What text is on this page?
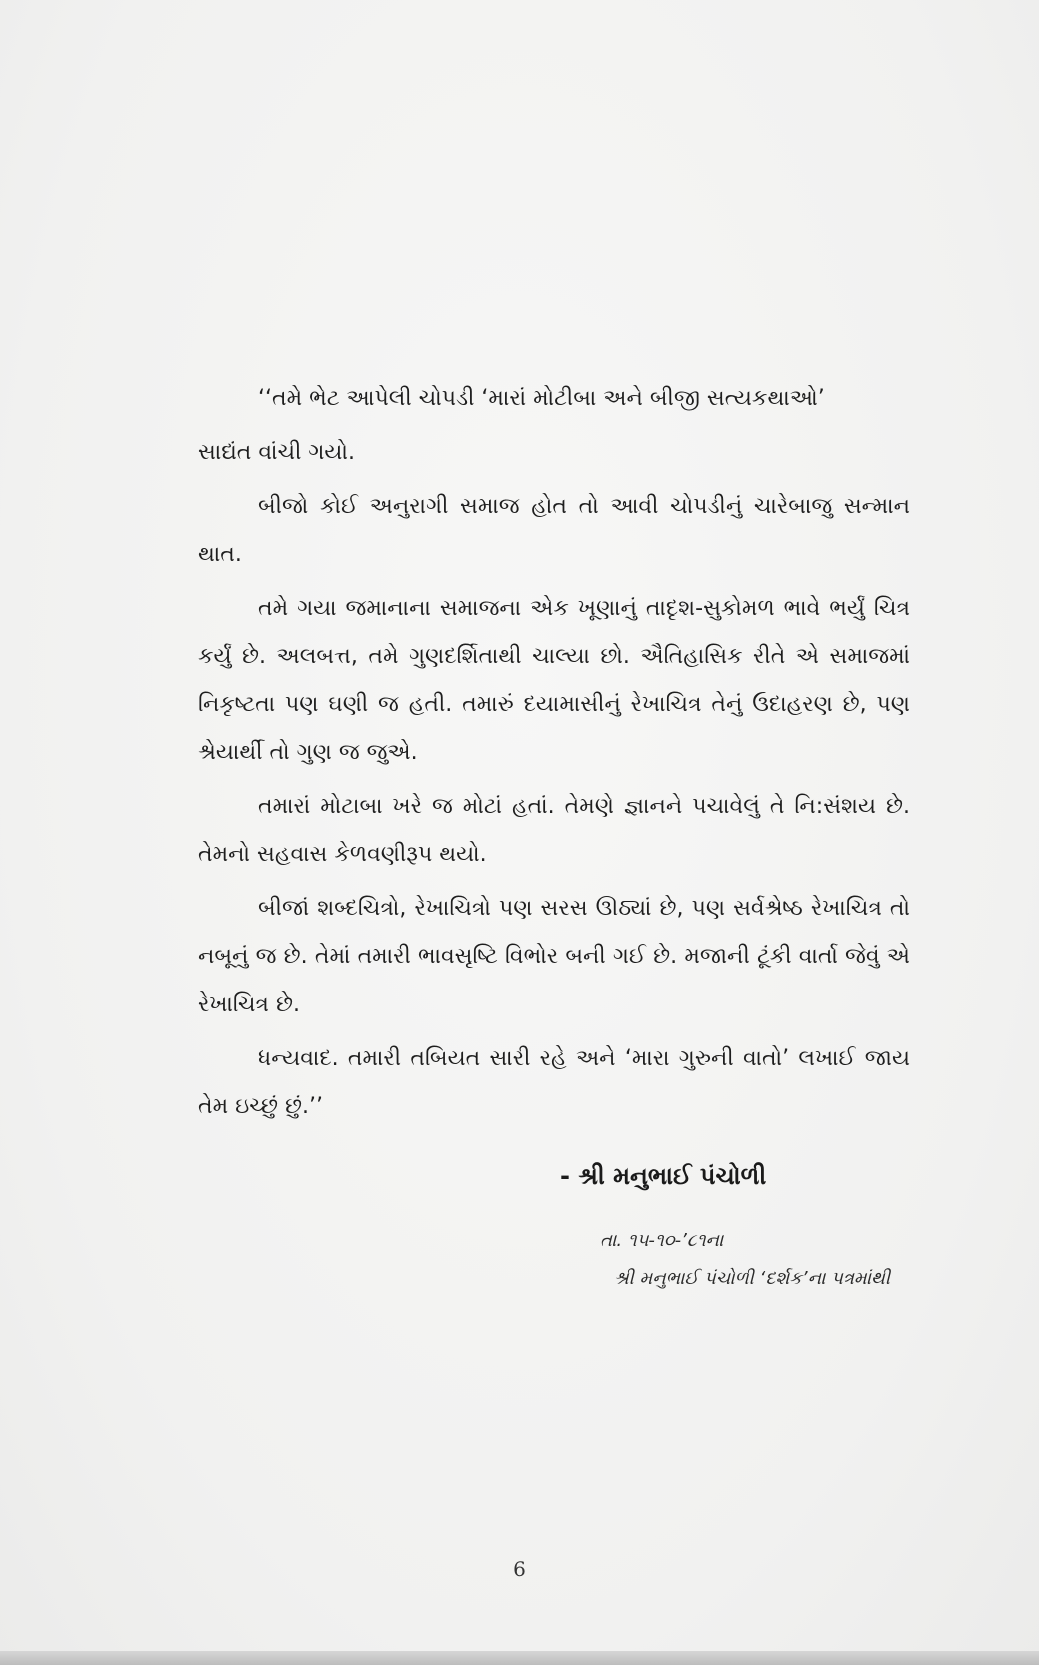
‘‘તમે ભેટ આપેલી ચોપડી ‘મારાં મોટીબા અને બીજી સત્યકથાઓ’

સાદ્યંત વાંચી ગયો.

બીજો કોઈ અનુરાગી સમાજ હોત તો આવી ચોપડીનું ચારેબાજુ સન્માન થાત.

તમે ગયા જમાનાના સમાજના એક ખૂણાનું તાદૃશ-સુકોમળ ભાવે ભર્યું ચિત્ર કર્યું છે. અલબત્ત, તમે ગુણદર્શિતાથી ચાલ્યા છો. ઐતિહાસિક રીતે એ સમાજમાં નિકૃષ્ટતા પણ ઘણી જ હતી. તમારું દયામાસીનું રેખાચિત્ર તેનું ઉદાહરણ છે, પણ શ્રેયાર્થી તો ગુણ જ જુએ.

તમારાં મોટાબા ખરે જ મોટાં હતાં. તેમણે જ્ઞાનને પચાવેલું તે નિ:સંશય છે. તેમનો સહવાસ કેળવણીરૂપ થયો.

બીજાં શબ્દચિત્રો, રેખાચિત્રો પણ સરસ ઊઠ્યાં છે, પણ સર્વશ્રેષ્ઠ રેખાચિત્ર તો નબૂનું જ છે. તેમાં તમારી ભાવસૃષ્ટિ વિભોર બની ગઈ છે. મજાની ટૂંકી વાર્તા જેવું એ રેખાચિત્ર છે.

ધન્યવાદ. તમારી તબિયત સારી રહે અને ‘મારા ગુરુની વાતો’ લખાઈ જાય તેમ ઇચ્છું છું.’’

- શ્રી મનુભાઈ પંચોળી
તા. ૧૫-૧૦-’૮૧ના
શ્રી મનુભાઈ પંચોળી ‘દર્શક’ના પત્રમાંથી
6
